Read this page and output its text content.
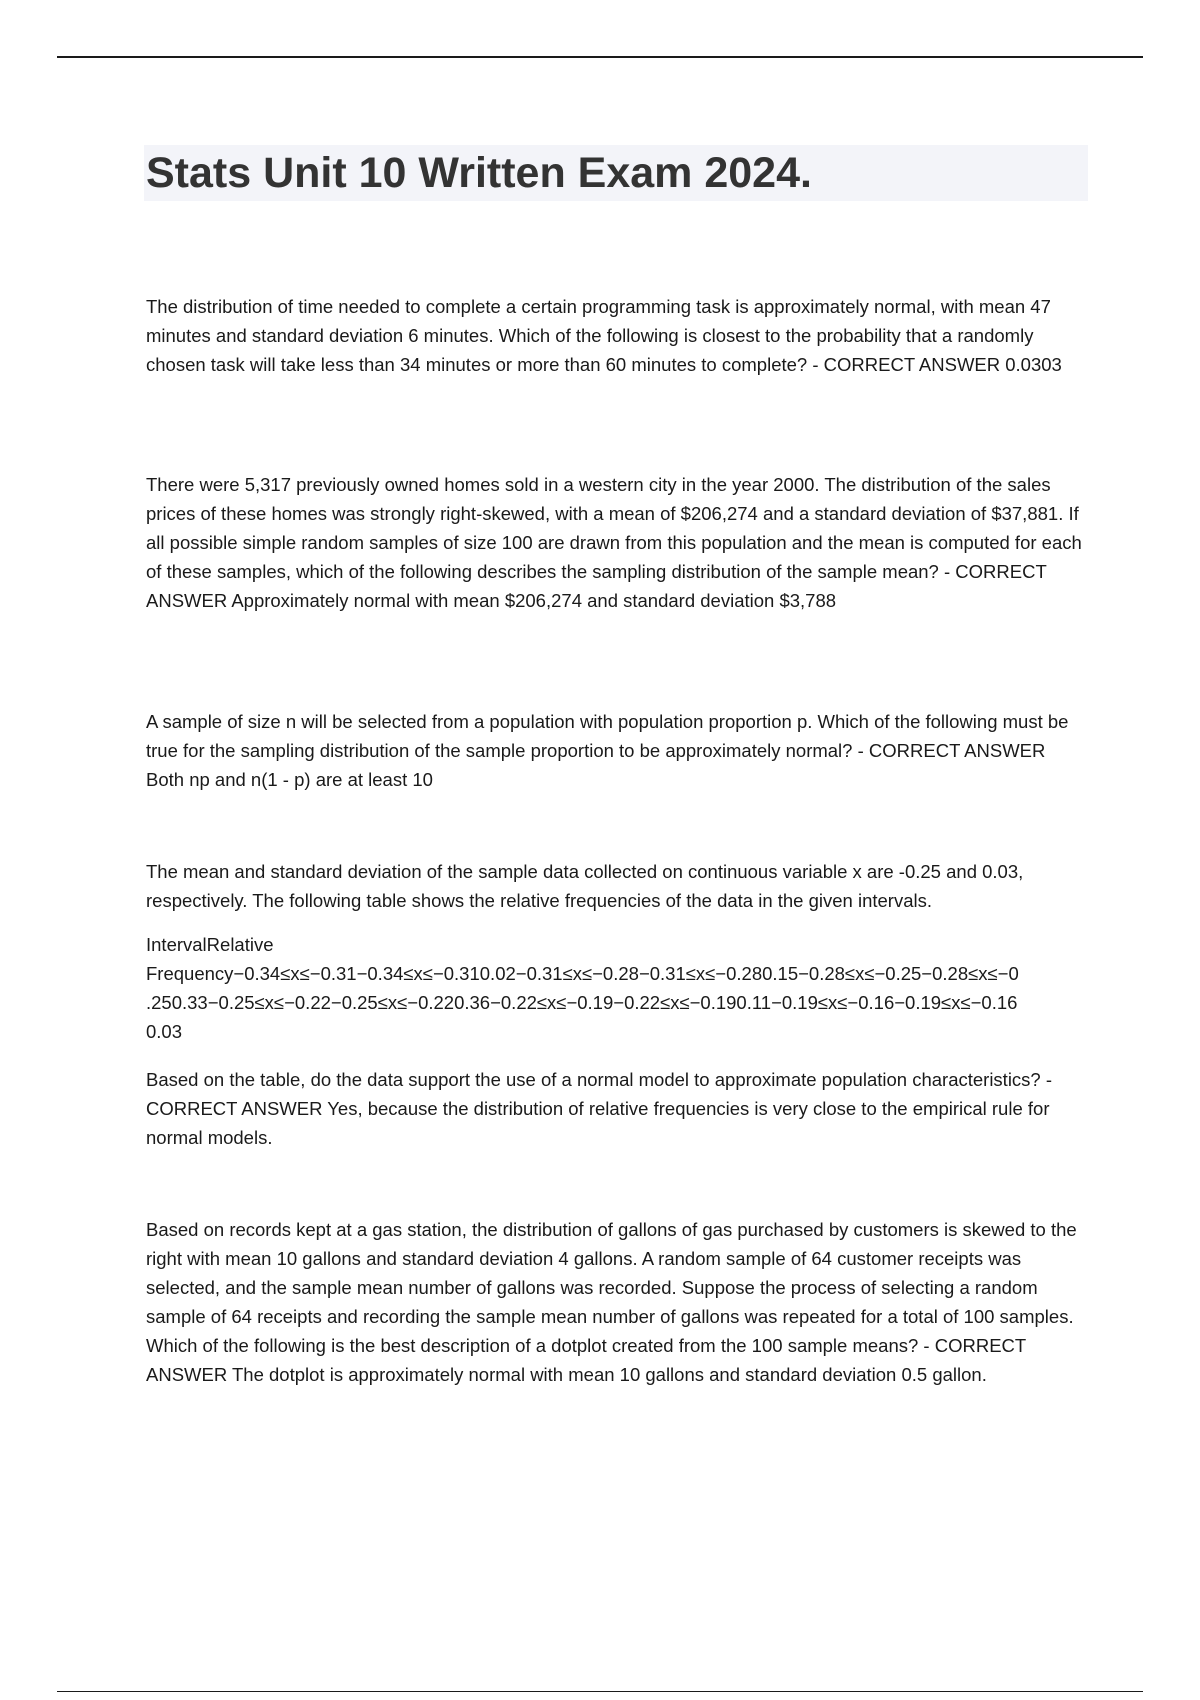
Stats Unit 10 Written Exam 2024.

The distribution of time needed to complete a certain programming task is approximately normal, with mean 47 minutes and standard deviation 6 minutes. Which of the following is closest to the probability that a randomly chosen task will take less than 34 minutes or more than 60 minutes to complete? - CORRECT ANSWER 0.0303

There were 5,317 previously owned homes sold in a western city in the year 2000. The distribution of the sales prices of these homes was strongly right-skewed, with a mean of $206,274 and a standard deviation of $37,881. If all possible simple random samples of size 100 are drawn from this population and the mean is computed for each of these samples, which of the following describes the sampling distribution of the sample mean? - CORRECT ANSWER Approximately normal with mean $206,274 and standard deviation $3,788

A sample of size n will be selected from a population with population proportion p. Which of the following must be true for the sampling distribution of the sample proportion to be approximately normal? - CORRECT ANSWER Both np and n(1 - p) are at least 10

The mean and standard deviation of the sample data collected on continuous variable x are -0.25 and 0.03, respectively. The following table shows the relative frequencies of the data in the given intervals.

IntervalRelative
Frequency−0.34≤x≤−0.31−0.34≤x≤−0.310.02−0.31≤x≤−0.28−0.31≤x≤−0.280.15−0.28≤x≤−0.25−0.28≤x≤−0
.250.33−0.25≤x≤−0.22−0.25≤x≤−0.220.36−0.22≤x≤−0.19−0.22≤x≤−0.190.11−0.19≤x≤−0.16−0.19≤x≤−0.16
0.03

Based on the table, do the data support the use of a normal model to approximate population characteristics? - CORRECT ANSWER Yes, because the distribution of relative frequencies is very close to the empirical rule for normal models.

Based on records kept at a gas station, the distribution of gallons of gas purchased by customers is skewed to the right with mean 10 gallons and standard deviation 4 gallons. A random sample of 64 customer receipts was selected, and the sample mean number of gallons was recorded. Suppose the process of selecting a random sample of 64 receipts and recording the sample mean number of gallons was repeated for a total of 100 samples. Which of the following is the best description of a dotplot created from the 100 sample means? - CORRECT ANSWER The dotplot is approximately normal with mean 10 gallons and standard deviation 0.5 gallon.
